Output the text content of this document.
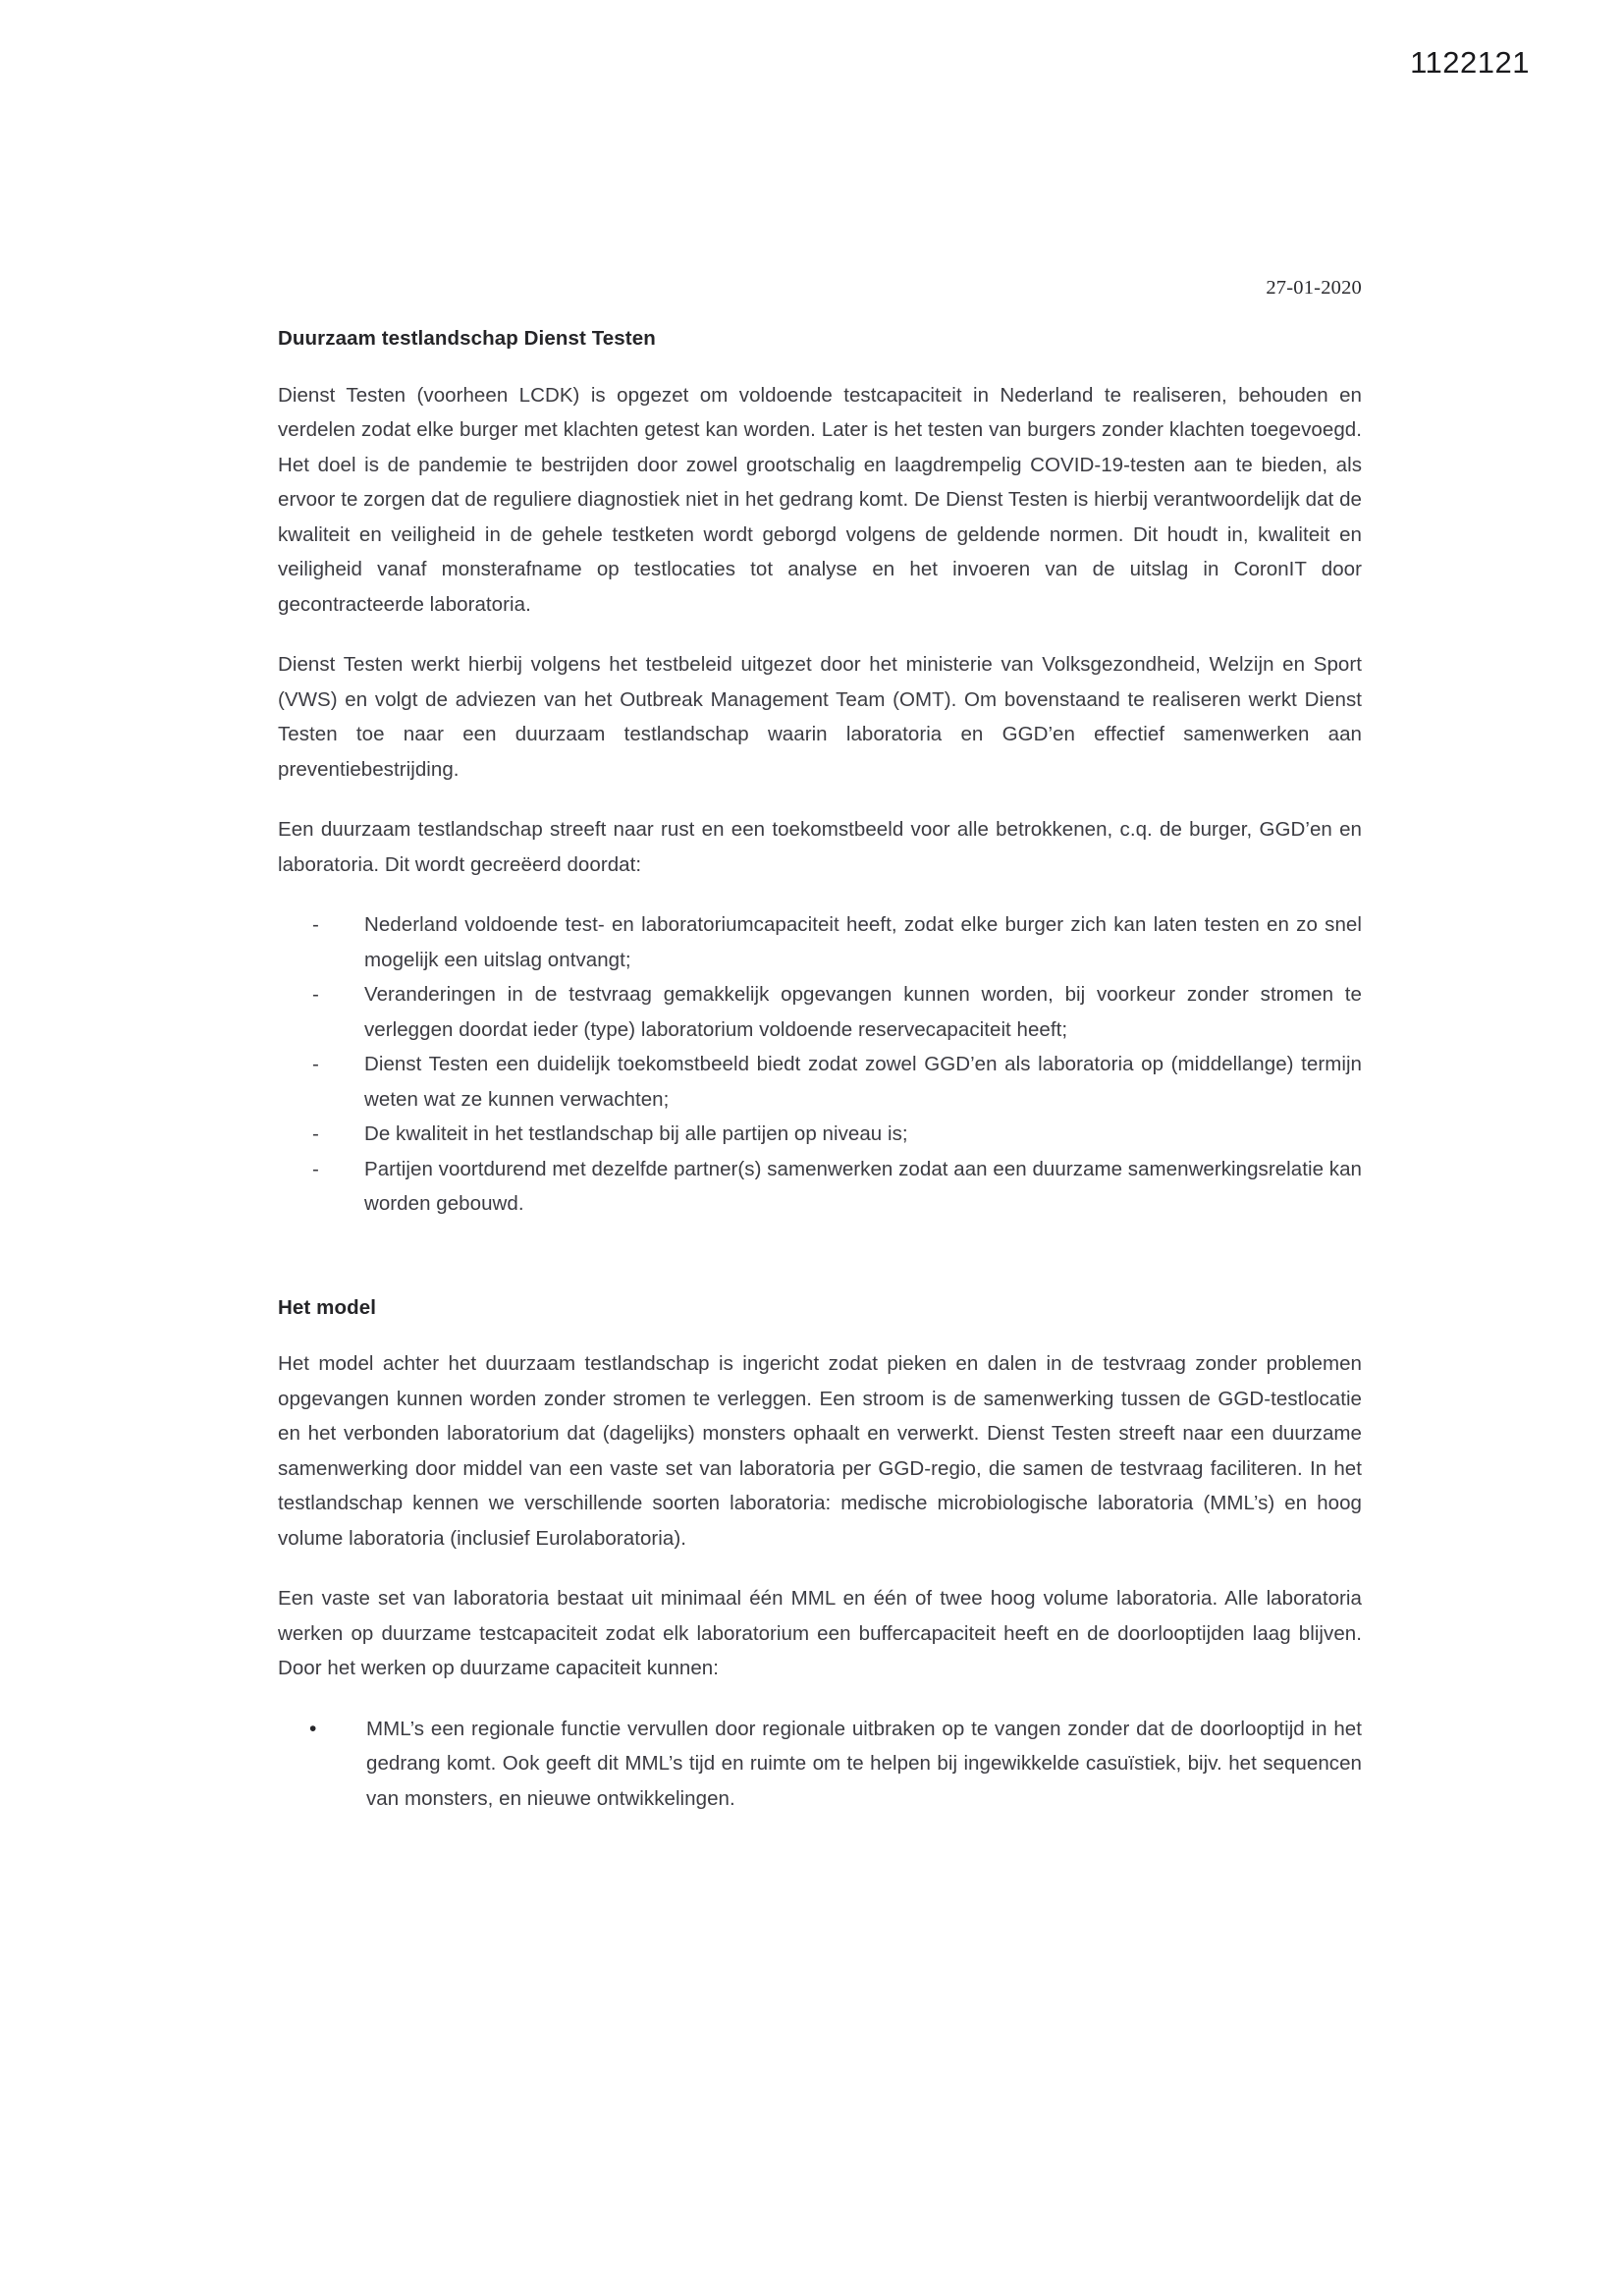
1122121
27-01-2020
Duurzaam testlandschap Dienst Testen

Dienst Testen (voorheen LCDK) is opgezet om voldoende testcapaciteit in Nederland te realiseren, behouden en verdelen zodat elke burger met klachten getest kan worden. Later is het testen van burgers zonder klachten toegevoegd. Het doel is de pandemie te bestrijden door zowel grootschalig en laagdrempelig COVID-19-testen aan te bieden, als ervoor te zorgen dat de reguliere diagnostiek niet in het gedrang komt. De Dienst Testen is hierbij verantwoordelijk dat de kwaliteit en veiligheid in de gehele testketen wordt geborgd volgens de geldende normen. Dit houdt in, kwaliteit en veiligheid vanaf monsterafname op testlocaties tot analyse en het invoeren van de uitslag in CoronIT door gecontracteerde laboratoria.

Dienst Testen werkt hierbij volgens het testbeleid uitgezet door het ministerie van Volksgezondheid, Welzijn en Sport (VWS) en volgt de adviezen van het Outbreak Management Team (OMT). Om bovenstaand te realiseren werkt Dienst Testen toe naar een duurzaam testlandschap waarin laboratoria en GGD’en effectief samenwerken aan preventiebestrijding.

Een duurzaam testlandschap streeft naar rust en een toekomstbeeld voor alle betrokkenen, c.q. de burger, GGD’en en laboratoria. Dit wordt gecreëerd doordat:

- Nederland voldoende test- en laboratoriumcapaciteit heeft, zodat elke burger zich kan laten testen en zo snel mogelijk een uitslag ontvangt;
- Veranderingen in de testvraag gemakkelijk opgevangen kunnen worden, bij voorkeur zonder stromen te verleggen doordat ieder (type) laboratorium voldoende reservecapaciteit heeft;
- Dienst Testen een duidelijk toekomstbeeld biedt zodat zowel GGD’en als laboratoria op (middellange) termijn weten wat ze kunnen verwachten;
- De kwaliteit in het testlandschap bij alle partijen op niveau is;
- Partijen voortdurend met dezelfde partner(s) samenwerken zodat aan een duurzame samenwerkingsrelatie kan worden gebouwd.
Het model

Het model achter het duurzaam testlandschap is ingericht zodat pieken en dalen in de testvraag zonder problemen opgevangen kunnen worden zonder stromen te verleggen. Een stroom is de samenwerking tussen de GGD-testlocatie en het verbonden laboratorium dat (dagelijks) monsters ophaalt en verwerkt. Dienst Testen streeft naar een duurzame samenwerking door middel van een vaste set van laboratoria per GGD-regio, die samen de testvraag faciliteren. In het testlandschap kennen we verschillende soorten laboratoria: medische microbiologische laboratoria (MML’s) en hoog volume laboratoria (inclusief Eurolaboratoria).

Een vaste set van laboratoria bestaat uit minimaal één MML en één of twee hoog volume laboratoria. Alle laboratoria werken op duurzame testcapaciteit zodat elk laboratorium een buffercapaciteit heeft en de doorlooptijden laag blijven. Door het werken op duurzame capaciteit kunnen:

• MML’s een regionale functie vervullen door regionale uitbraken op te vangen zonder dat de doorlooptijd in het gedrang komt. Ook geeft dit MML’s tijd en ruimte om te helpen bij ingewikkelde casuïstiek, bijv. het sequencen van monsters, en nieuwe ontwikkelingen.
